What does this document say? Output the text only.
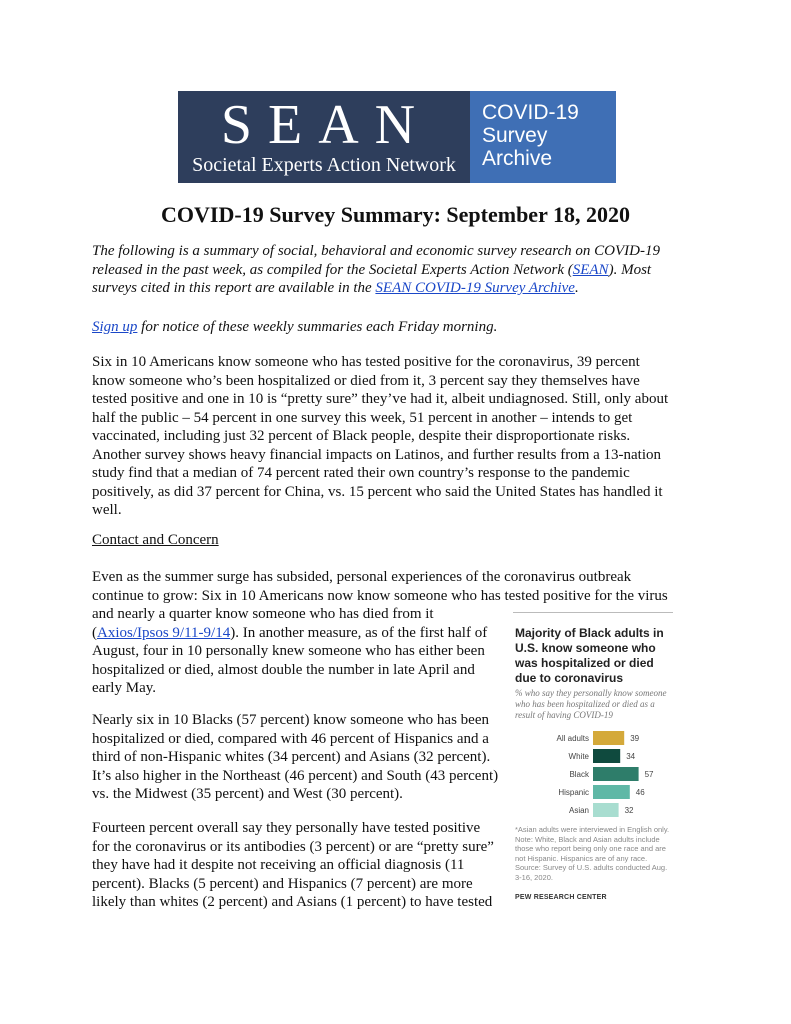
SEAN
Societal Experts Action Network
COVID-19
Survey
Archive
COVID-19 Survey Summary: September 18, 2020
The following is a summary of social, behavioral and economic survey research on COVID-19
released in the past week, as compiled for the Societal Experts Action Network (SEAN). Most
surveys cited in this report are available in the SEAN COVID-19 Survey Archive.
Sign up for notice of these weekly summaries each Friday morning.
Six in 10 Americans know someone who has tested positive for the coronavirus, 39 percent
know someone who’s been hospitalized or died from it, 3 percent say they themselves have
tested positive and one in 10 is “pretty sure” they’ve had it, albeit undiagnosed. Still, only about
half the public – 54 percent in one survey this week, 51 percent in another – intends to get
vaccinated, including just 32 percent of Black people, despite their disproportionate risks.
Another survey shows heavy financial impacts on Latinos, and further results from a 13-nation
study find that a median of 74 percent rated their own country’s response to the pandemic
positively, as did 37 percent for China, vs. 15 percent who said the United States has handled it
well.
Contact and Concern
Even as the summer surge has subsided, personal experiences of the coronavirus outbreak
continue to grow: Six in 10 Americans now know someone who has tested positive for the virus
and nearly a quarter know someone who has died from it
(Axios/Ipsos 9/11-9/14). In another measure, as of the first half of
August, four in 10 personally knew someone who has either been
hospitalized or died, almost double the number in late April and
early May.
Nearly six in 10 Blacks (57 percent) know someone who has been
hospitalized or died, compared with 46 percent of Hispanics and a
third of non-Hispanic whites (34 percent) and Asians (32 percent).
It’s also higher in the Northeast (46 percent) and South (43 percent)
vs. the Midwest (35 percent) and West (30 percent).
Fourteen percent overall say they personally have tested positive
for the coronavirus or its antibodies (3 percent) or are “pretty sure”
they have had it despite not receiving an official diagnosis (11
percent). Blacks (5 percent) and Hispanics (7 percent) are more
likely than whites (2 percent) and Asians (1 percent) to have tested
Majority of Black adults in U.S. know someone who was hospitalized or died due to coronavirus
% who say they personally know someone who has been hospitalized or died as a result of having COVID-19
All adults	39
White	34
Black	57
Hispanic	46
Asian	32
*Asian adults were interviewed in English only.
Note: White, Black and Asian adults include those who report being only one race and are not Hispanic. Hispanics are of any race.
Source: Survey of U.S. adults conducted Aug. 3-16, 2020.
PEW RESEARCH CENTER
